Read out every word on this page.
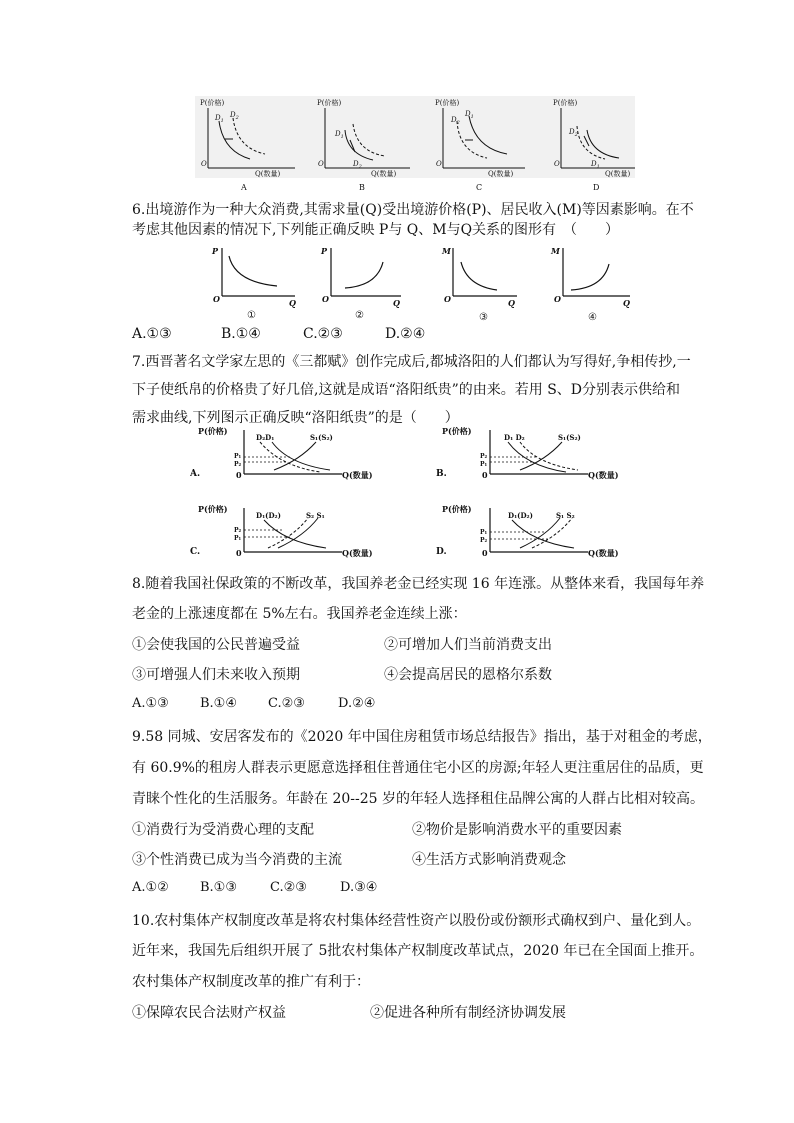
P(价格)
O
Q(数量)
$D_1$
$D_2$
A
P(价格)
O
Q(数量)
$D_1$
$D_2$
B
P(价格)
O
Q(数量)
$D_2$
$D_1$
C
P(价格)
O
Q(数量)
$D_2$
$D_1$
D
6.出境游作为一种大众消费,其需求量(Q)受出境游价格(P)、居民收入(M)等因素影响。在不
考虑其他因素的情况下,下列能正确反映 P与 Q、M与Q关系的图形有　（　　）
P
O	Q
①
P
O	Q
②
M
O	Q
③
M
O	Q
④
A.①③	B.①④	C.②③	D.②④
7.西晋著名文学家左思的《三都赋》创作完成后,都城洛阳的人们都认为写得好,争相传抄,一
下子使纸帛的价格贵了好几倍,这就是成语“洛阳纸贵”的由来。若用 S、D分别表示供给和
需求曲线,下列图示正确反映“洛阳纸贵”的是（　　）
P(价格)
0	Q(数量)
D₂D₁	S₁(S₂)
P₁
P₂
A.
P(价格)
0	Q(数量)
D₁ D₂	S₁(S₂)
P₂
P₁
B.
P(价格)
0	Q(数量)
D₁(D₂)	S₂ S₁
P₂
P₁
C.
P(价格)
0	Q(数量)
D₁(D₂)	S₁ S₂
P₁
P₂
D.
8.随着我国社保政策的不断改革，我国养老金已经实现 16 年连涨。从整体来看，我国每年养
老金的上涨速度都在 5%左右。我国养老金连续上涨：
①会使我国的公民普遍受益	②可增加人们当前消费支出
③可增强人们未来收入预期	④会提高居民的恩格尔系数
A.①③ B.①④ C.②③	D.②④
9.58 同城、安居客发布的《2020 年中国住房租赁市场总结报告》指出，基于对租金的考虑，
有 60.9%的租房人群表示更愿意选择租住普通住宅小区的房源;年轻人更注重居住的品质，更
青睐个性化的生活服务。年龄在 20--25 岁的年轻人选择租住品牌公寓的人群占比相对较高。
①消费行为受消费心理的支配	②物价是影响消费水平的重要因素
③个性消费已成为当今消费的主流	④生活方式影响消费观念
A.①② B.①③	C.②③	D.③④
10.农村集体产权制度改革是将农村集体经营性资产以股份或份额形式确权到户、量化到人。
近年来，我国先后组织开展了 5批农村集体产权制度改革试点，2020 年已在全国面上推开。
农村集体产权制度改革的推广有利于：
①保障农民合法财产权益	②促进各种所有制经济协调发展
